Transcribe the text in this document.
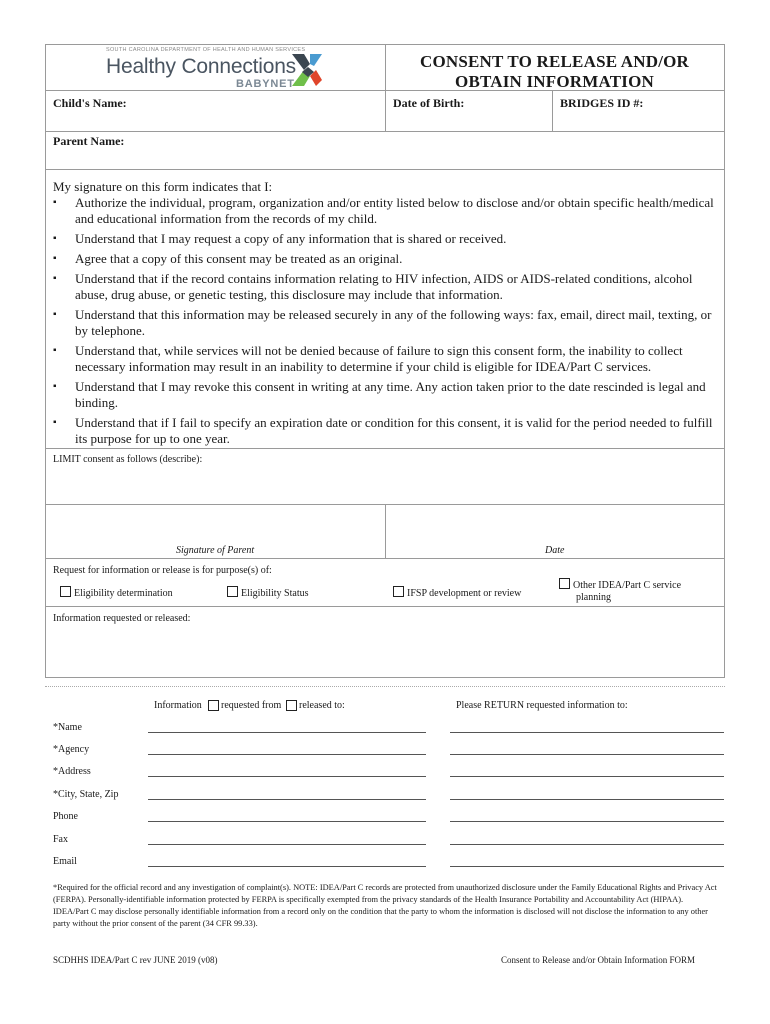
SOUTH CAROLINA DEPARTMENT OF HEALTH AND HUMAN SERVICES
Healthy Connections
BABYNET
CONSENT TO RELEASE AND/OR
OBTAIN INFORMATION
Child's Name:	Date of Birth:	BRIDGES ID #:
Parent Name:
My signature on this form indicates that I:
▪ Authorize the individual, program, organization and/or entity listed below to disclose and/or obtain specific health/medical and educational information from the records of my child.
▪ Understand that I may request a copy of any information that is shared or received.
▪ Agree that a copy of this consent may be treated as an original.
▪ Understand that if the record contains information relating to HIV infection, AIDS or AIDS-related conditions, alcohol abuse, drug abuse, or genetic testing, this disclosure may include that information.
▪ Understand that this information may be released securely in any of the following ways: fax, email, direct mail, texting, or by telephone.
▪ Understand that, while services will not be denied because of failure to sign this consent form, the inability to collect necessary information may result in an inability to determine if your child is eligible for IDEA/Part C services.
▪ Understand that I may revoke this consent in writing at any time. Any action taken prior to the date rescinded is legal and binding.
▪ Understand that if I fail to specify an expiration date or condition for this consent, it is valid for the period needed to fulfill its purpose for up to one year.
LIMIT consent as follows (describe):
Signature of Parent	Date
Request for information or release is for purpose(s) of:
Eligibility determination	Eligibility Status	IFSP development or review
Other IDEA/Part C service
planning
Information requested or released:
Information requested from released to:	Please RETURN requested information to:
*Name
*Agency
*Address
*City, State, Zip
Phone
Fax
Email
*Required for the official record and any investigation of complaint(s). NOTE: IDEA/Part C records are protected from unauthorized disclosure under the Family Educational Rights and Privacy Act (FERPA). Personally-identifiable information protected by FERPA is specifically exempted from the privacy standards of the Health Insurance Portability and Accountability Act (HIPAA). IDEA/Part C may disclose personally identifiable information from a record only on the condition that the party to whom the information is disclosed will not disclose the information to any other party without the prior consent of the parent (34 CFR 99.33).
SCDHHS IDEA/Part C rev JUNE 2019 (v08)	Consent to Release and/or Obtain Information FORM
